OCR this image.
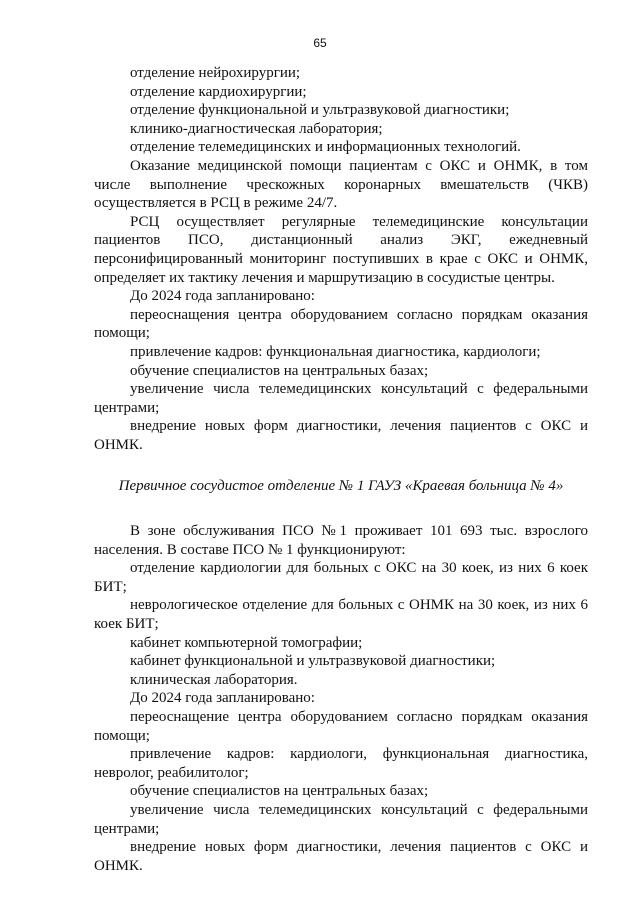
65

отделение нейрохирургии;

отделение кардиохирургии;

отделение функциональной и ультразвуковой диагностики;

клинико-диагностическая лаборатория;

отделение телемедицинских и информационных технологий.

Оказание медицинской помощи пациентам с ОКС и ОНМК, в том числе выполнение чрескожных коронарных вмешательств (ЧКВ) осуществляется в РСЦ в режиме 24/7.

РСЦ осуществляет регулярные телемедицинские консультации пациентов ПСО, дистанционный анализ ЭКГ, ежедневный персонифицированный мониторинг поступивших в крае с ОКС и ОНМК, определяет их тактику лечения и маршрутизацию в сосудистые центры.

До 2024 года запланировано:

переоснащения центра оборудованием согласно порядкам оказания помощи;

привлечение кадров: функциональная диагностика, кардиологи;

обучение специалистов на центральных базах;

увеличение числа телемедицинских консультаций с федеральными центрами;

внедрение новых форм диагностики, лечения пациентов с ОКС и ОНМК.

Первичное сосудистое отделение № 1 ГАУЗ «Краевая больница № 4»

В зоне обслуживания ПСО №1 проживает 101 693 тыс. взрослого населения. В составе ПСО № 1 функционируют:

отделение кардиологии для больных с ОКС на 30 коек, из них 6 коек БИТ;

неврологическое отделение для больных с ОНМК на 30 коек, из них 6 коек БИТ;

кабинет компьютерной томографии;

кабинет функциональной и ультразвуковой диагностики;

клиническая лаборатория.

До 2024 года запланировано:

переоснащение центра оборудованием согласно порядкам оказания помощи;

привлечение кадров: кардиологи, функциональная диагностика, невролог, реабилитолог;

обучение специалистов на центральных базах;

увеличение числа телемедицинских консультаций с федеральными центрами;

внедрение новых форм диагностики, лечения пациентов с ОКС и ОНМК.
